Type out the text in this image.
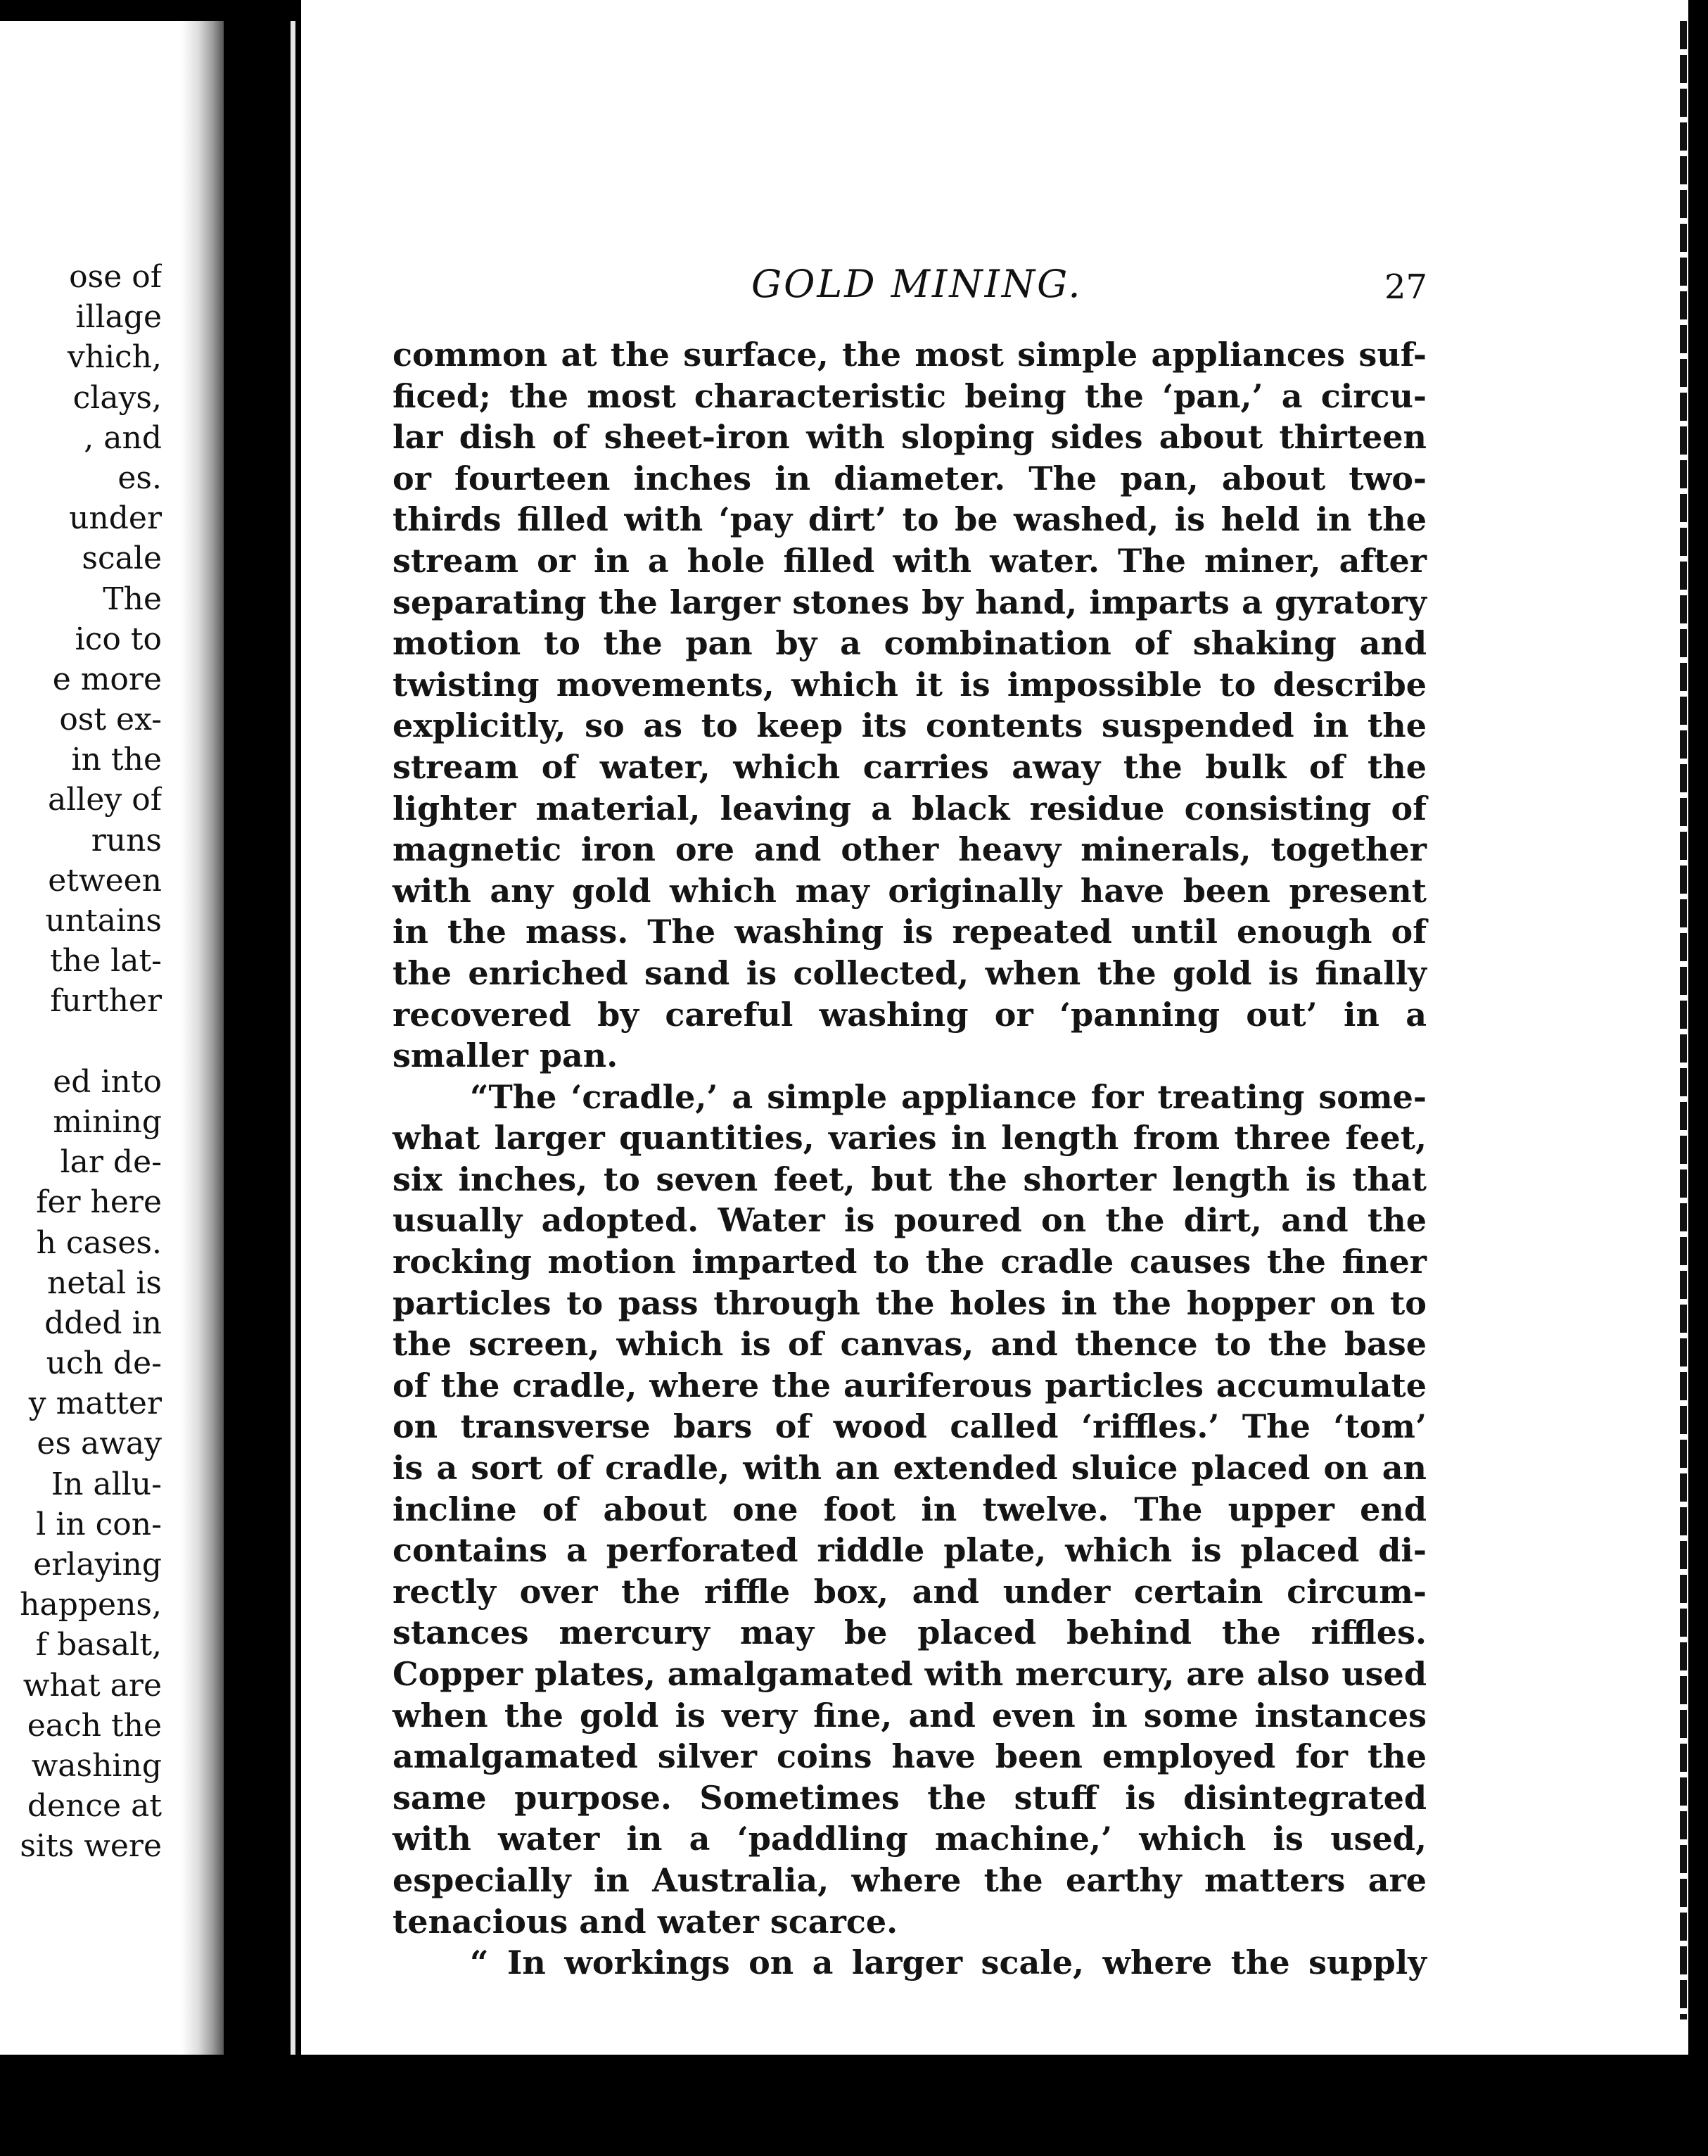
ose of
illage
vhich,
clays,
, and
es.
under
scale
The
ico to
e more
ost ex-
in the
alley of
runs
etween
untains
the lat-
further
ed into
mining
lar de-
fer here
h cases.
netal is
dded in
uch de-
y matter
es away
In allu-
l in con-
erlaying
happens,
f basalt,
what are
each the
washing
dence at
sits were
GOLD MINING.	27
common at the surface, the most simple appliances suf-
ficed; the most characteristic being the ‘pan,’ a circu-
lar dish of sheet-iron with sloping sides about thirteen
or fourteen inches in diameter. The pan, about two-
thirds filled with ‘pay dirt’ to be washed, is held in the
stream or in a hole filled with water. The miner, after
separating the larger stones by hand, imparts a gyratory
motion to the pan by a combination of shaking and
twisting movements, which it is impossible to describe
explicitly, so as to keep its contents suspended in the
stream of water, which carries away the bulk of the
lighter material, leaving a black residue consisting of
magnetic iron ore and other heavy minerals, together
with any gold which may originally have been present
in the mass. The washing is repeated until enough of
the enriched sand is collected, when the gold is finally
recovered by careful washing or ‘panning out’ in a
smaller pan.
“The ‘cradle,’ a simple appliance for treating some-
what larger quantities, varies in length from three feet,
six inches, to seven feet, but the shorter length is that
usually adopted. Water is poured on the dirt, and the
rocking motion imparted to the cradle causes the finer
particles to pass through the holes in the hopper on to
the screen, which is of canvas, and thence to the base
of the cradle, where the auriferous particles accumulate
on transverse bars of wood called ‘riffles.’ The ‘tom’
is a sort of cradle, with an extended sluice placed on an
incline of about one foot in twelve. The upper end
contains a perforated riddle plate, which is placed di-
rectly over the riffle box, and under certain circum-
stances mercury may be placed behind the riffles.
Copper plates, amalgamated with mercury, are also used
when the gold is very fine, and even in some instances
amalgamated silver coins have been employed for the
same purpose. Sometimes the stuff is disintegrated
with water in a ‘paddling machine,’ which is used,
especially in Australia, where the earthy matters are
tenacious and water scarce.
“ In workings on a larger scale, where the supply
